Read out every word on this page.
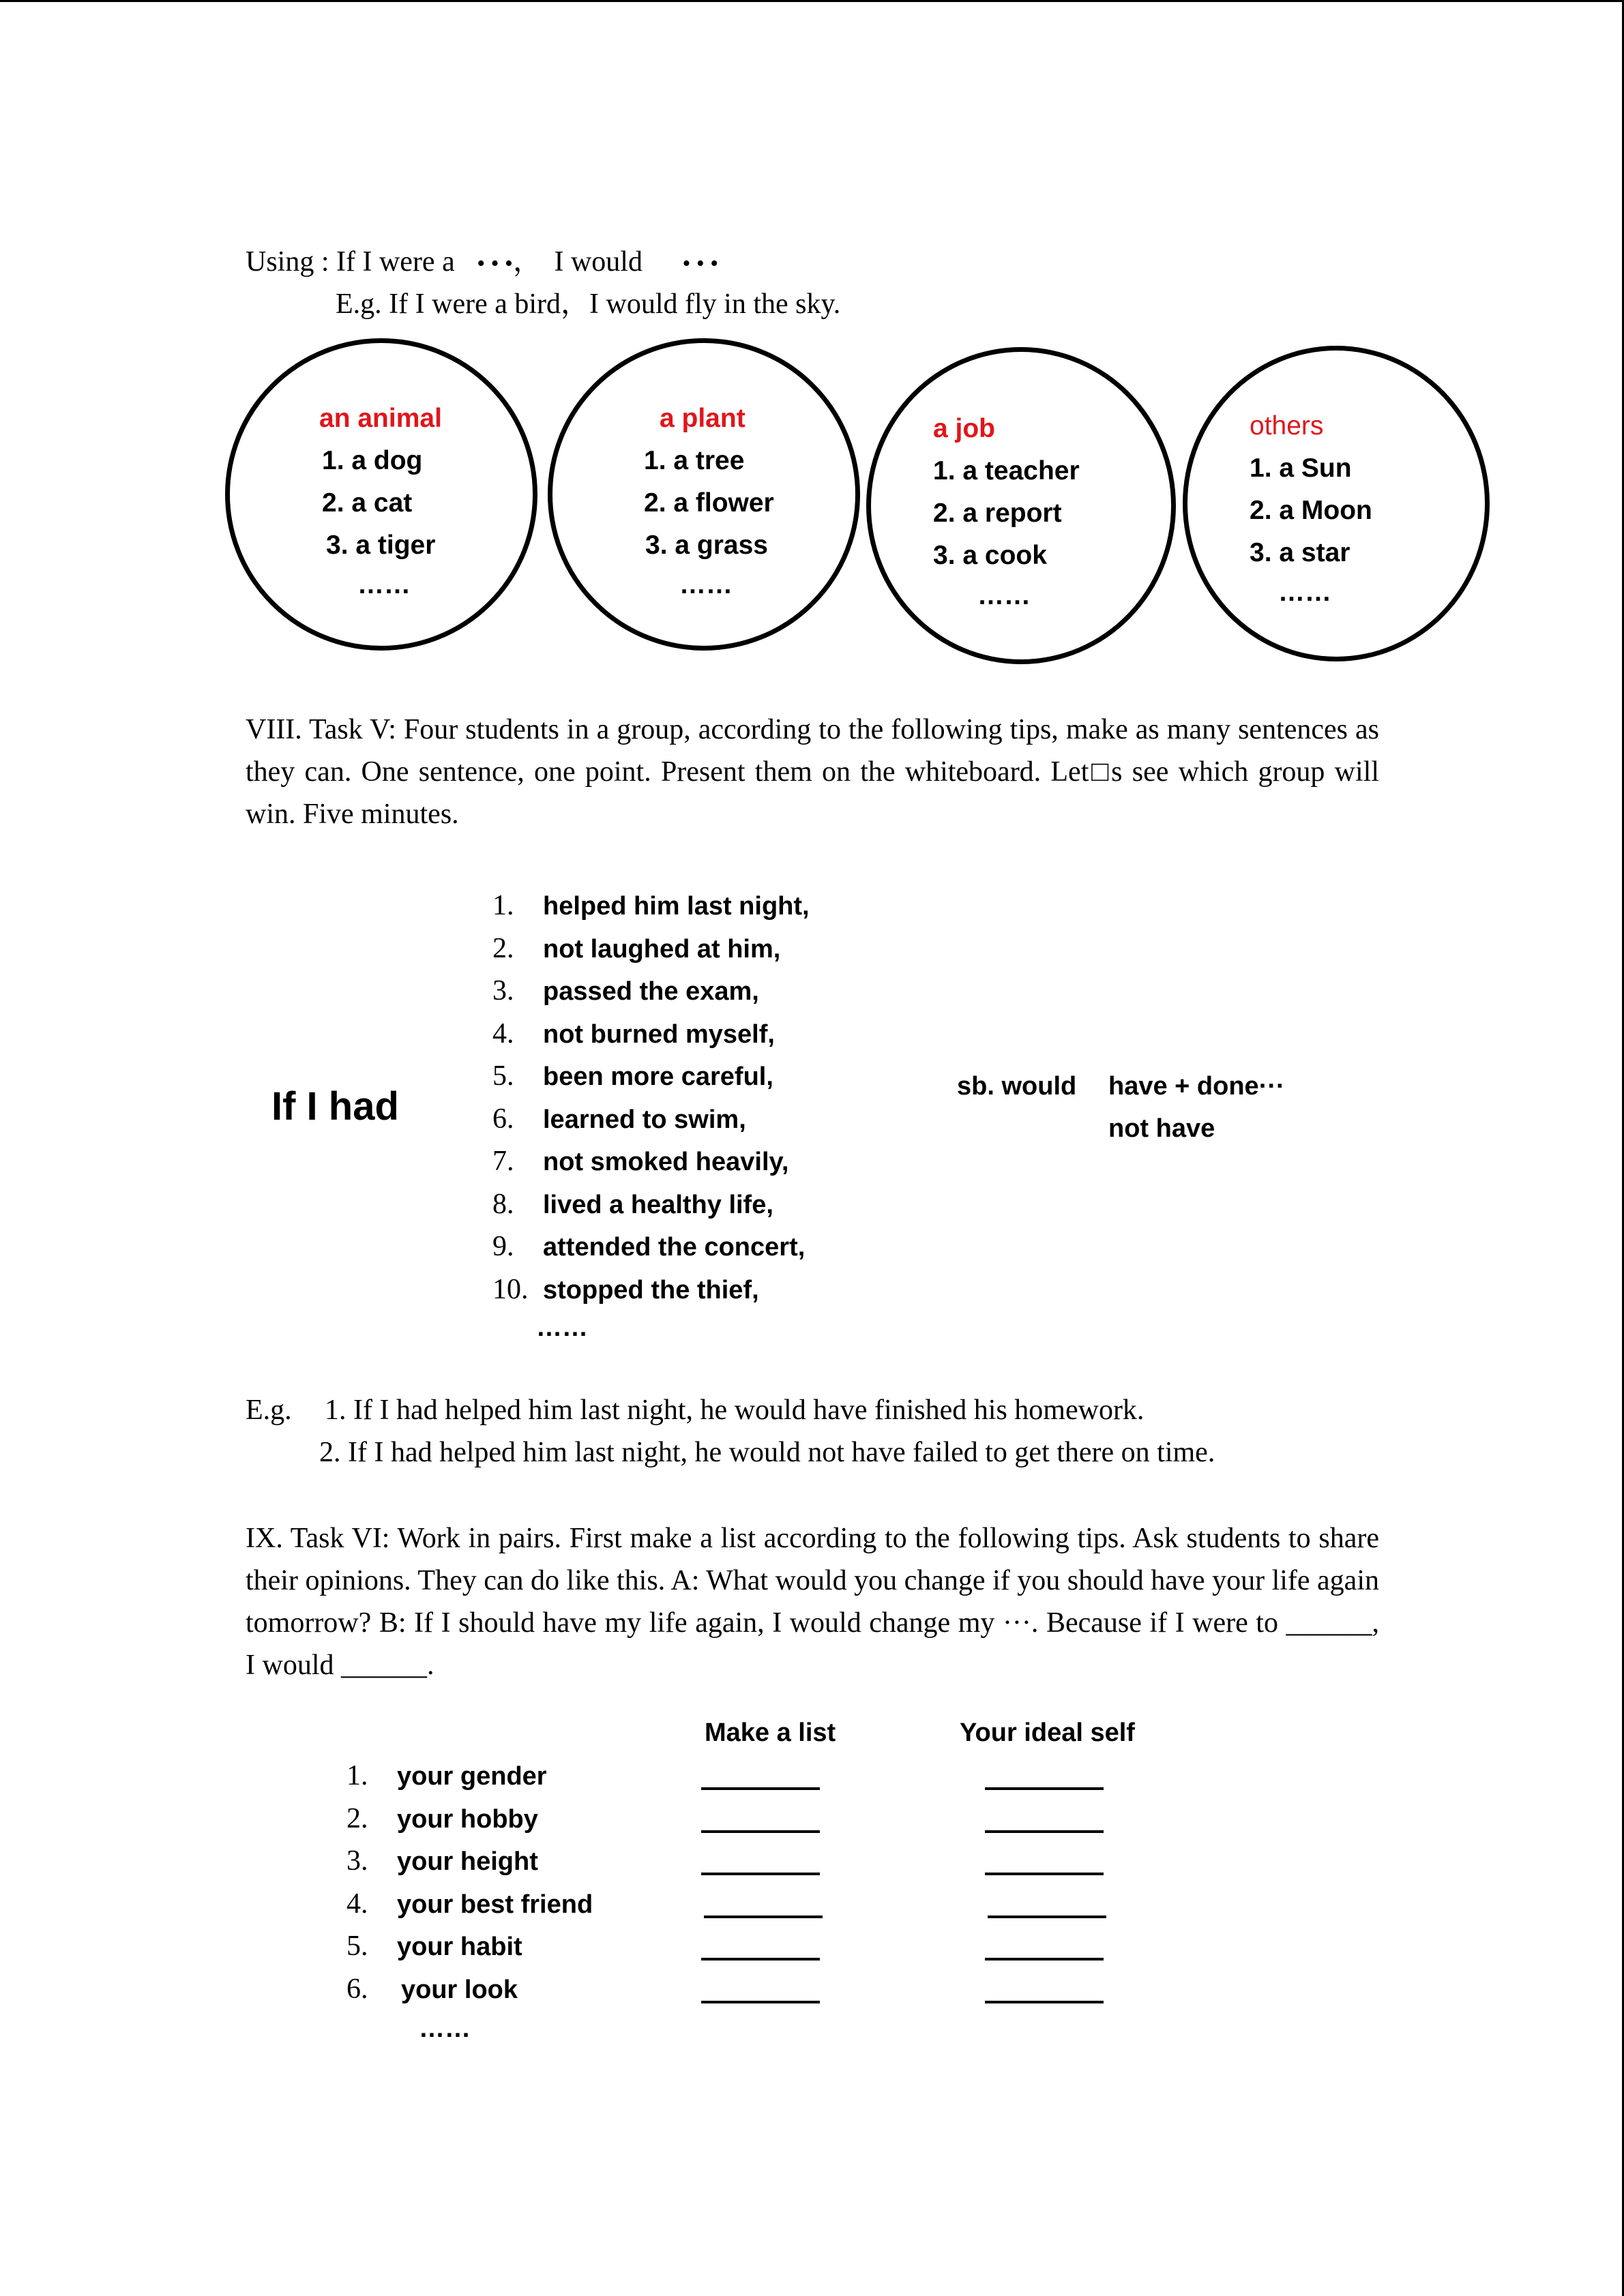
Using : If I were a • • •， I would • • •
E.g. If I were a bird，I would fly in the sky.
an animal
1. a dog
2. a cat
3. a tiger
……
a plant
1. a tree
2. a flower
3. a grass
……
a job
1. a teacher
2. a report
3. a cook
……
others
1. a Sun
2. a Moon
3. a star
……
VIII. Task V: Four students in a group, according to the following tips, make as many sentences as they can. One sentence, one point. Present them on the whiteboard. Let□s see which group will win. Five minutes.
If I had
1. helped him last night,
2. not laughed at him,
3. passed the exam,
4. not burned myself,
5. been more careful,
6. learned to swim,
7. not smoked heavily,
8. lived a healthy life,
9. attended the concert,
10. stopped the thief,
……
sb. would have + done···
not have
E.g. 1. If I had helped him last night, he would have finished his homework.
2. If I had helped him last night, he would not have failed to get there on time.
IX. Task VI: Work in pairs. First make a list according to the following tips. Ask students to share their opinions. They can do like this. A: What would you change if you should have your life again tomorrow? B: If I should have my life again, I would change my ···. Because if I were to ______, I would ______.
Make a list	Your ideal self
1. your gender
2. your hobby
3. your height
4. your best friend
5. your habit
6. your look
……
